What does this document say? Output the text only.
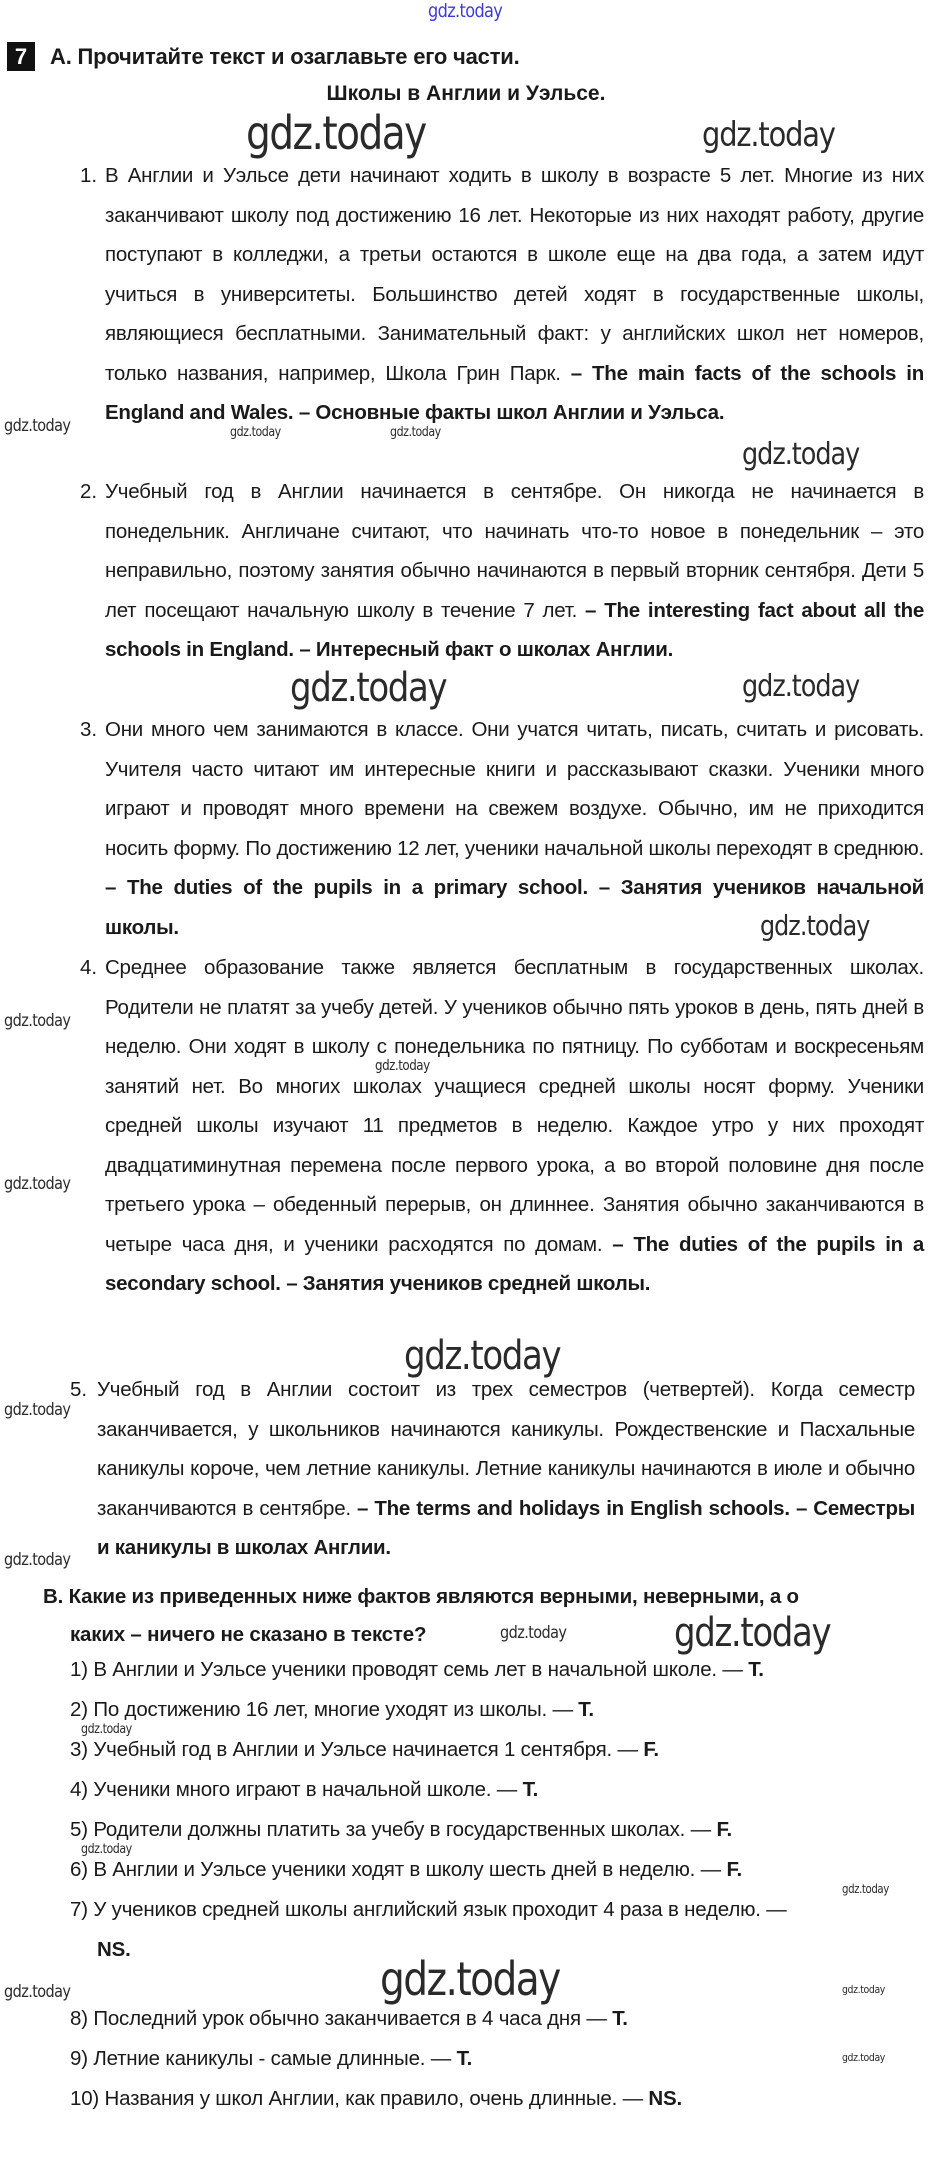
gdz.today
gdz.today	gdz.today
gdz.today	gdz.today	gdz.today
gdz.today
gdz.today	gdz.today
gdz.today
gdz.today
gdz.today
gdz.today
gdz.today
gdz.today
gdz.today
gdz.today	gdz.today
gdz.today
gdz.today
gdz.today
gdz.today
gdz.today	gdz.today
gdz.today
7	А. Прочитайте текст и озаглавьте его части.
Школы в Англии и Уэльсе.
1. В Англии и Уэльсе дети начинают ходить в школу в возрасте 5 лет. Многие из них заканчивают школу под достижению 16 лет. Некоторые из них находят работу, другие поступают в колледжи, а третьи остаются в школе еще на два года, а затем идут учиться в университеты. Большинство детей ходят в государственные школы, являющиеся бесплатными. Занимательный факт: у английских школ нет номеров, только названия, например, Школа Грин Парк. – The main facts of the schools in England and Wales. – Основные факты школ Англии и Уэльса.
2. Учебный год в Англии начинается в сентябре. Он никогда не начинается в понедельник. Англичане считают, что начинать что-то новое в понедельник – это неправильно, поэтому занятия обычно начинаются в первый вторник сентября. Дети 5 лет посещают начальную школу в течение 7 лет. – The interesting fact about all the schools in England. – Интересный факт о школах Англии.
3. Они много чем занимаются в классе. Они учатся читать, писать, считать и рисовать. Учителя часто читают им интересные книги и рассказывают сказки. Ученики много играют и проводят много времени на свежем воздухе. Обычно, им не приходится носить форму. По достижению 12 лет, ученики начальной школы переходят в среднюю. – The duties of the pupils in a primary school. – Занятия учеников начальной школы.
4. Среднее образование также является бесплатным в государственных школах. Родители не платят за учебу детей. У учеников обычно пять уроков в день, пять дней в неделю. Они ходят в школу с понедельника по пятницу. По субботам и воскресеньям занятий нет. Во многих школах учащиеся средней школы носят форму. Ученики средней школы изучают 11 предметов в неделю. Каждое утро у них проходят двадцатиминутная перемена после первого урока, а во второй половине дня после третьего урока – обеденный перерыв, он длиннее. Занятия обычно заканчиваются в четыре часа дня, и ученики расходятся по домам. – The duties of the pupils in a secondary school. – Занятия учеников средней школы.
5. Учебный год в Англии состоит из трех семестров (четвертей). Когда семестр заканчивается, у школьников начинаются каникулы. Рождественские и Пасхальные каникулы короче, чем летние каникулы. Летние каникулы начинаются в июле и обычно заканчиваются в сентябре. – The terms and holidays in English schools. – Семестры и каникулы в школах Англии.
В. Какие из приведенных ниже фактов являются верными, неверными, а о
каких – ничего не сказано в тексте?
1) В Англии и Уэльсе ученики проводят семь лет в начальной школе. — T.
2) По достижению 16 лет, многие уходят из школы. — T.
3) Учебный год в Англии и Уэльсе начинается 1 сентября. — F.
4) Ученики много играют в начальной школе. — T.
5) Родители должны платить за учебу в государственных школах. — F.
6) В Англии и Уэльсе ученики ходят в школу шесть дней в неделю. — F.
7) У учеников средней школы английский язык проходит 4 раза в неделю. —
NS.
8) Последний урок обычно заканчивается в 4 часа дня — T.
9) Летние каникулы - самые длинные. — T.
10) Названия у школ Англии, как правило, очень длинные. — NS.
